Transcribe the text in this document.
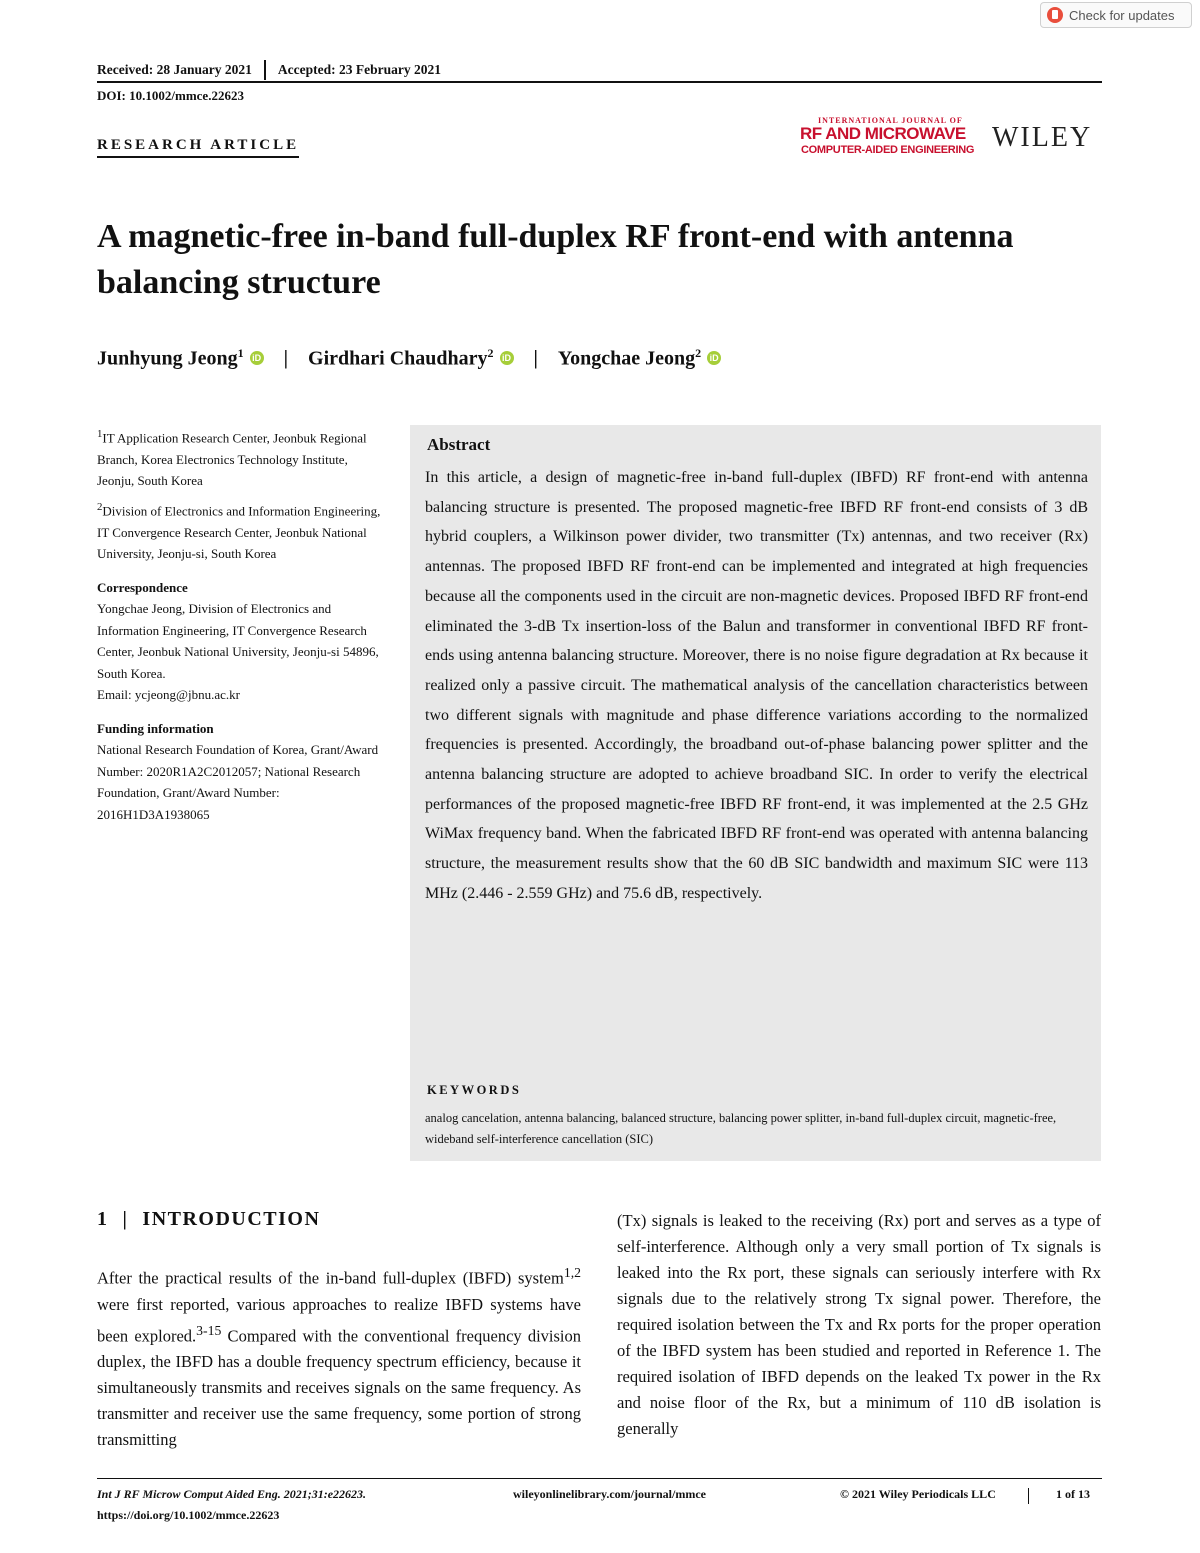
Check for updates
Received: 28 January 2021 Accepted: 23 February 2021
DOI: 10.1002/mmce.22623
RESEARCH ARTICLE
INTERNATIONAL JOURNAL OF
RF AND MICROWAVE
COMPUTER-AIDED ENGINEERING WILEY
A magnetic-free in-band full-duplex RF front-end with antenna balancing structure
Junhyung Jeong$^1$ iD | Girdhari Chaudhary$^2$ iD | Yongchae Jeong$^2$ iD

$^1$IT Application Research Center, Jeonbuk Regional Branch, Korea Electronics Technology Institute, Jeonju, South Korea

$^2$Division of Electronics and Information Engineering, IT Convergence Research Center, Jeonbuk National University, Jeonju-si, South Korea

Correspondence

Yongchae Jeong, Division of Electronics and Information Engineering, IT Convergence Research Center, Jeonbuk National University, Jeonju-si 54896, South Korea.

Email: ycjeong@jbnu.ac.kr

Funding information

National Research Foundation of Korea, Grant/Award Number: 2020R1A2C2012057; National Research Foundation, Grant/Award Number: 2016H1D3A1938065

Abstract
In this article, a design of magnetic-free in-band full-duplex (IBFD) RF front-end with antenna balancing structure is presented. The proposed magnetic-free IBFD RF front-end consists of 3 dB hybrid couplers, a Wilkinson power divider, two transmitter (Tx) antennas, and two receiver (Rx) antennas. The proposed IBFD RF front-end can be implemented and integrated at high frequencies because all the components used in the circuit are non-magnetic devices. Proposed IBFD RF front-end eliminated the 3-dB Tx insertion-loss of the Balun and transformer in conventional IBFD RF front-ends using antenna balancing structure. Moreover, there is no noise figure degradation at Rx because it realized only a passive circuit. The mathematical analysis of the cancellation characteristics between two different signals with magnitude and phase difference variations according to the normalized frequencies is presented. Accordingly, the broadband out-of-phase balancing power splitter and the antenna balancing structure are adopted to achieve broadband SIC. In order to verify the electrical performances of the proposed magnetic-free IBFD RF front-end, it was implemented at the 2.5 GHz WiMax frequency band. When the fabricated IBFD RF front-end was operated with antenna balancing structure, the measurement results show that the 60 dB SIC bandwidth and maximum SIC were 113 MHz (2.446 - 2.559 GHz) and 75.6 dB, respectively.
KEYWORDS
analog cancelation, antenna balancing, balanced structure, balancing power splitter, in-band full-duplex circuit, magnetic-free, wideband self-interference cancellation (SIC)
1 | INTRODUCTION
After the practical results of the in-band full-duplex (IBFD) system$^{1,2}$ were first reported, various approaches to realize IBFD systems have been explored.$^{3-15}$ Compared with the conventional frequency division duplex, the IBFD has a double frequency spectrum efficiency, because it simultaneously transmits and receives signals on the same frequency. As transmitter and receiver use the same frequency, some portion of strong transmitting
(Tx) signals is leaked to the receiving (Rx) port and serves as a type of self-interference. Although only a very small portion of Tx signals is leaked into the Rx port, these signals can seriously interfere with Rx signals due to the relatively strong Tx signal power. Therefore, the required isolation between the Tx and Rx ports for the proper operation of the IBFD system has been studied and reported in Reference 1. The required isolation of IBFD depends on the leaked Tx power in the Rx and noise floor of the Rx, but a minimum of 110 dB isolation is generally
Int J RF Microw Comput Aided Eng. 2021;31:e22623.
https://doi.org/10.1002/mmce.22623
wileyonlinelibrary.com/journal/mmce	© 2021 Wiley Periodicals LLC	1 of 13
